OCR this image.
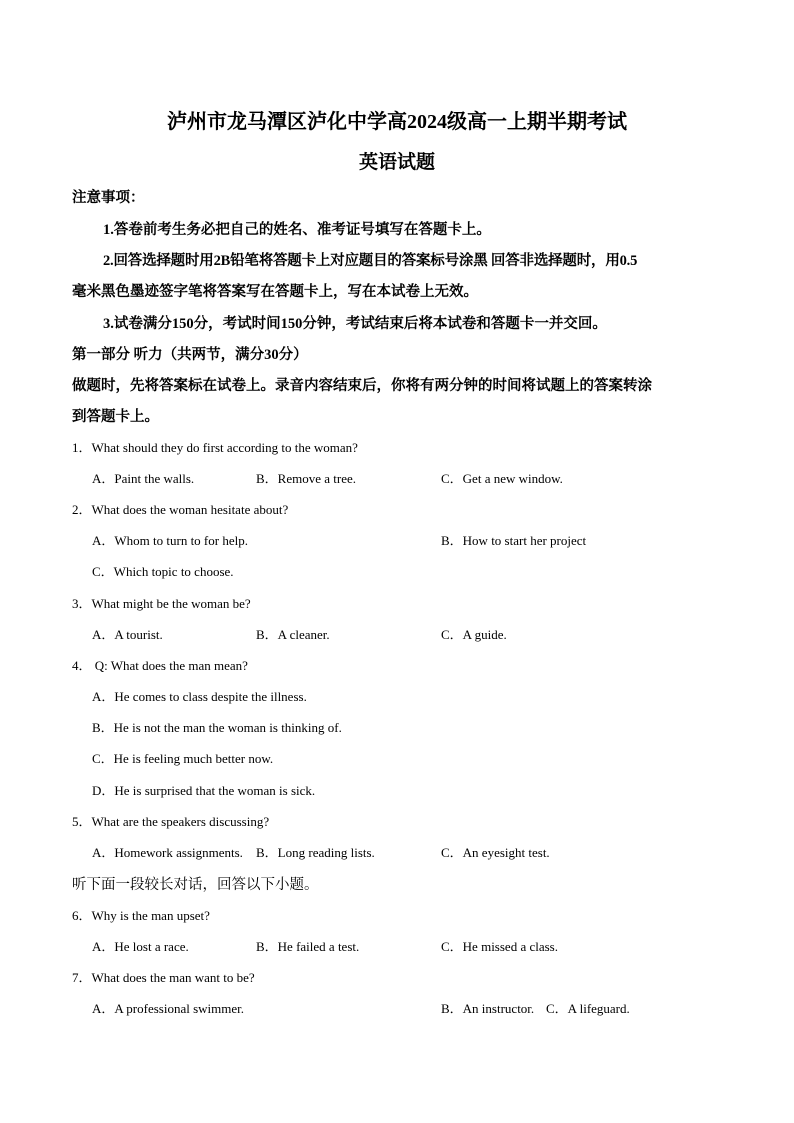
泸州市龙马潭区泸化中学高2024级高一上期半期考试
英语试题
注意事项：
1.答卷前考生务必把自己的姓名、准考证号填写在答题卡上。
2.回答选择题时用2B铅笔将答题卡上对应题目的答案标号涂黑 回答非选择题时，用0.5
毫米黑色墨迹签字笔将答案写在答题卡上，写在本试卷上无效。
3.试卷满分150分，考试时间150分钟，考试结束后将本试卷和答题卡一并交回。
第一部分 听力（共两节，满分30分）
做题时，先将答案标在试卷上。录音内容结束后，你将有两分钟的时间将试题上的答案转涂
到答题卡上。
1．What should they do first according to the woman?
A．Paint the walls.	B．Remove a tree.	C．Get a new window.
2．What does the woman hesitate about?
A．Whom to turn to for help.	B．How to start her project
C．Which topic to choose.
3．What might be the woman be?
A．A tourist.	B．A cleaner.	C．A guide.
4． Q: What does the man mean?
A．He comes to class despite the illness.
B．He is not the man the woman is thinking of.
C．He is feeling much better now.
D．He is surprised that the woman is sick.
5．What are the speakers discussing?
A．Homework assignments. B．Long reading lists.	C．An eyesight test.
听下面一段较长对话，回答以下小题。
6．Why is the man upset?
A．He lost a race.	B．He failed a test.	C．He missed a class.
7．What does the man want to be?
A．A professional swimmer.	B．An instructor. C．A lifeguard.
